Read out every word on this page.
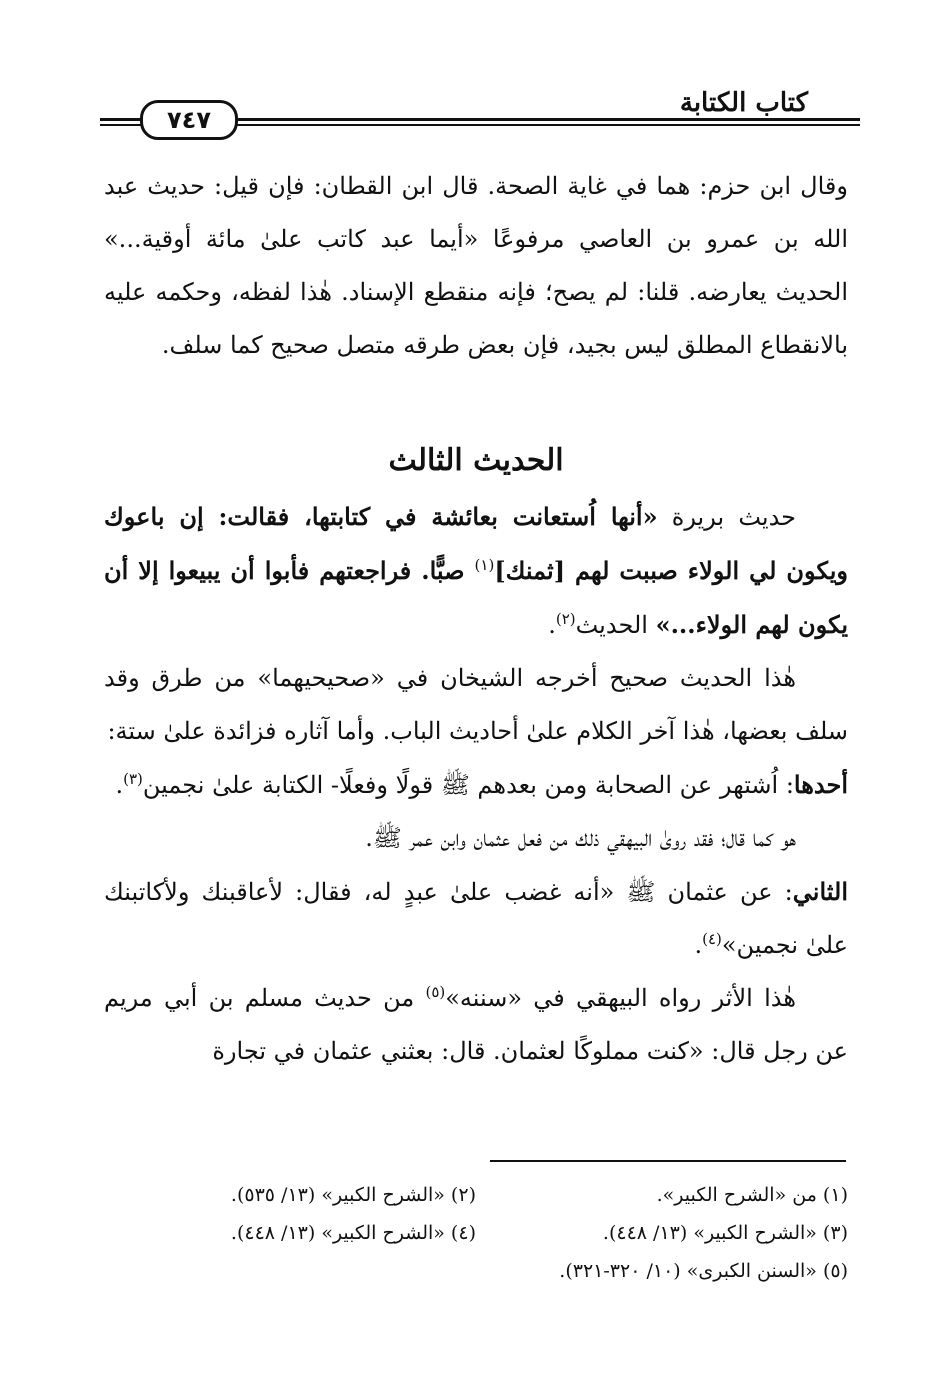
كتاب الكتابة
٧٤٧

وقال ابن حزم: هما في غاية الصحة. قال ابن القطان: فإن قيل: حديث عبد الله بن عمرو بن العاصي مرفوعًا «أيما عبد كاتب علىٰ مائة أوقية...» الحديث يعارضه. قلنا: لم يصح؛ فإنه منقطع الإسناد. هٰذا لفظه، وحكمه عليه بالانقطاع المطلق ليس بجيد، فإن بعض طرقه متصل صحيح كما سلف.

الحديث الثالث

حديث بريرة «أنها اُستعانت بعائشة في كتابتها، فقالت: إن باعوك ويكون لي الولاء صببت لهم [ثمنك]$^{(١)}$ صبًّا. فراجعتهم فأبوا أن يبيعوا إلا أن يكون لهم الولاء...» الحديث$^{(٢)}$.

هٰذا الحديث صحيح أخرجه الشيخان في «صحيحيهما» من طرق وقد سلف بعضها، هٰذا آخر الكلام علىٰ أحاديث الباب. وأما آثاره فزائدة علىٰ ستة:

أحدها: اُشتهر عن الصحابة ومن بعدهم ﷺ قولًا وفعلًا- الكتابة علىٰ نجمين$^{(٣)}$.

هو كما قال؛ فقد روىٰ البيهقي ذلك من فعل عثمان وابن عمر ﷺ.

الثاني: عن عثمان ﷺ «أنه غضب علىٰ عبدٍ له، فقال: لأعاقبنك ولأكاتبنك علىٰ نجمين»$^{(٤)}$.

هٰذا الأثر رواه البيهقي في «سننه»$^{(٥)}$ من حديث مسلم بن أبي مريم عن رجل قال: «كنت مملوكًا لعثمان. قال: بعثني عثمان في تجارة

(١) من «الشرح الكبير».
(٢) «الشرح الكبير» (١٣/ ٥٣٥).
(٣) «الشرح الكبير» (١٣/ ٤٤٨).
(٤) «الشرح الكبير» (١٣/ ٤٤٨).
(٥) «السنن الكبرى» (١٠/ ٣٢٠-٣٢١).
